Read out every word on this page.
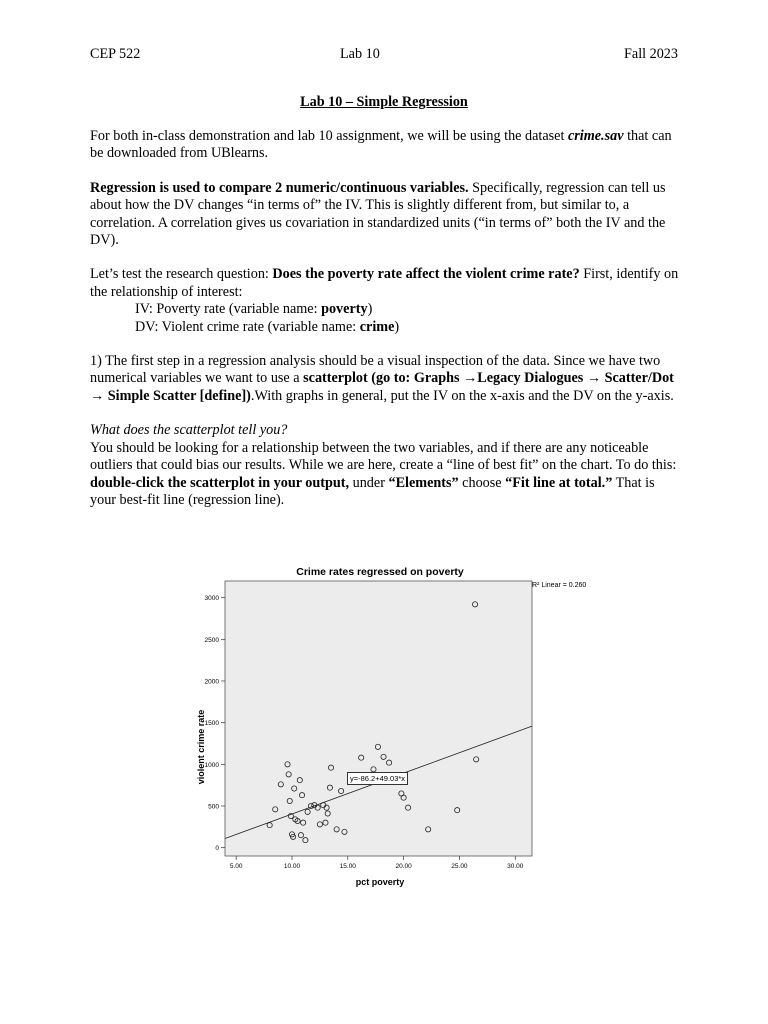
CEP 522	Lab 10	Fall 2023
Lab 10 – Simple Regression

For both in-class demonstration and lab 10 assignment, we will be using the dataset crime.sav that can be downloaded from UBlearns.

Regression is used to compare 2 numeric/continuous variables. Specifically, regression can tell us about how the DV changes “in terms of” the IV. This is slightly different from, but similar to, a correlation. A correlation gives us covariation in standardized units (“in terms of” both the IV and the DV).

Let’s test the research question: Does the poverty rate affect the violent crime rate? First, identify on the relationship of interest:

IV: Poverty rate (variable name: poverty)

DV: Violent crime rate (variable name: crime)

1) The first step in a regression analysis should be a visual inspection of the data. Since we have two numerical variables we want to use a scatterplot (go to: Graphs →Legacy Dialogues → Scatter/Dot → Simple Scatter [define]).With graphs in general, put the IV on the x-axis and the DV on the y-axis.

What does the scatterplot tell you?

You should be looking for a relationship between the two variables, and if there are any noticeable outliers that could bias our results. While we are here, create a “line of best fit” on the chart. To do this: double-click the scatterplot in your output, under “Elements” choose “Fit line at total.” That is your best-fit line (regression line).

0
500
1000
1500
2000
2500
3000
5.00	10.00	15.00	20.00	25.00	30.00
Crime rates regressed on poverty
R² Linear = 0.260
y=-86.2+49.03*x
violent crime rate
pct poverty
